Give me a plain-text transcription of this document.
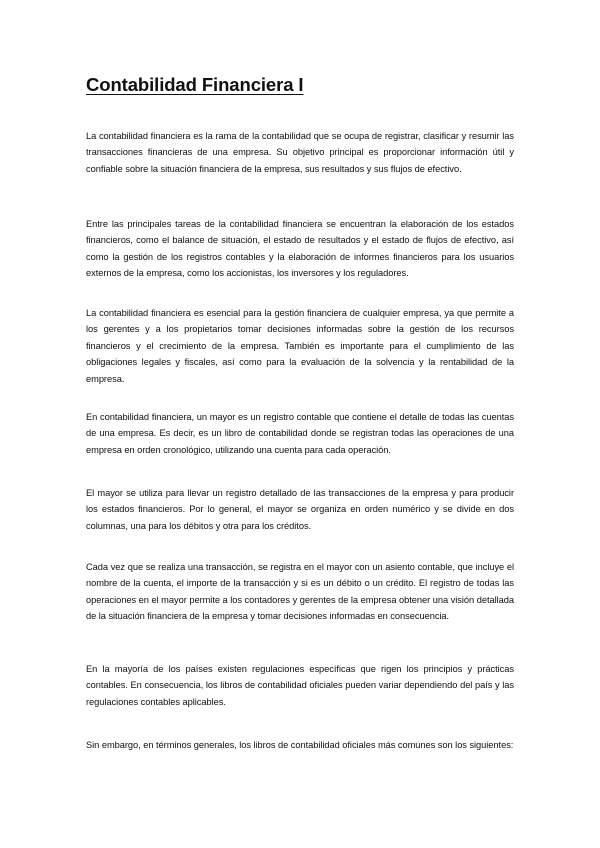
Contabilidad Financiera I

La contabilidad financiera es la rama de la contabilidad que se ocupa de registrar, clasificar y resumir las transacciones financieras de una empresa. Su objetivo principal es proporcionar información útil y confiable sobre la situación financiera de la empresa, sus resultados y sus flujos de efectivo.

Entre las principales tareas de la contabilidad financiera se encuentran la elaboración de los estados financieros, como el balance de situación, el estado de resultados y el estado de flujos de efectivo, así como la gestión de los registros contables y la elaboración de informes financieros para los usuarios externos de la empresa, como los accionistas, los inversores y los reguladores.

La contabilidad financiera es esencial para la gestión financiera de cualquier empresa, ya que permite a los gerentes y a los propietarios tomar decisiones informadas sobre la gestión de los recursos financieros y el crecimiento de la empresa. También es importante para el cumplimiento de las obligaciones legales y fiscales, así como para la evaluación de la solvencia y la rentabilidad de la empresa.

En contabilidad financiera, un mayor es un registro contable que contiene el detalle de todas las cuentas de una empresa. Es decir, es un libro de contabilidad donde se registran todas las operaciones de una empresa en orden cronológico, utilizando una cuenta para cada operación.

El mayor se utiliza para llevar un registro detallado de las transacciones de la empresa y para producir los estados financieros. Por lo general, el mayor se organiza en orden numérico y se divide en dos columnas, una para los débitos y otra para los créditos.

Cada vez que se realiza una transacción, se registra en el mayor con un asiento contable, que incluye el nombre de la cuenta, el importe de la transacción y si es un débito o un crédito. El registro de todas las operaciones en el mayor permite a los contadores y gerentes de la empresa obtener una visión detallada de la situación financiera de la empresa y tomar decisiones informadas en consecuencia.

En la mayoría de los países existen regulaciones específicas que rigen los principios y prácticas contables. En consecuencia, los libros de contabilidad oficiales pueden variar dependiendo del país y las regulaciones contables aplicables.

Sin embargo, en términos generales, los libros de contabilidad oficiales más comunes son los siguientes:
